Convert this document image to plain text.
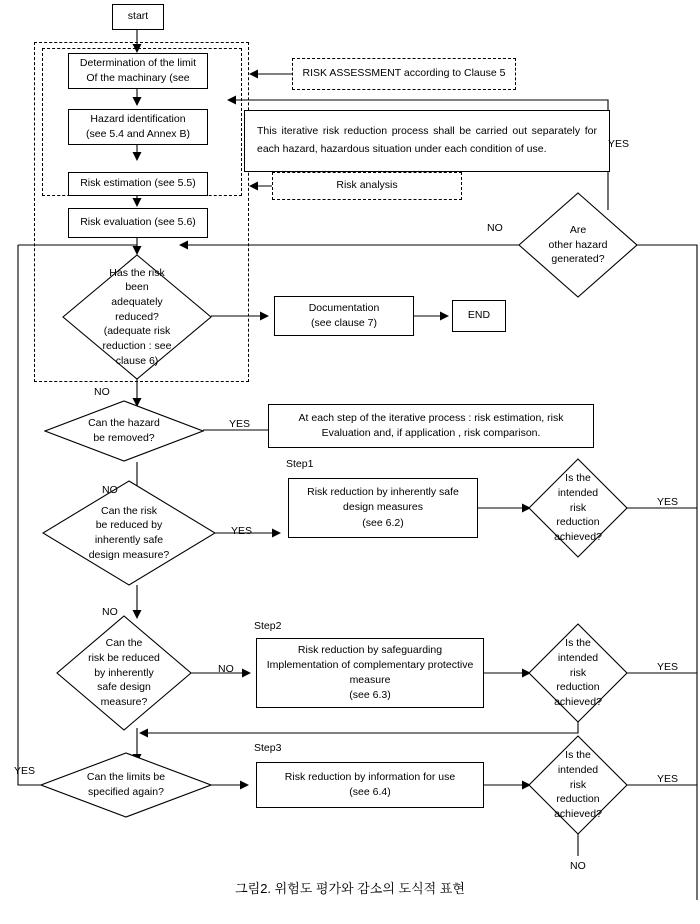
start
Determination of the limit
Of the machinary (see
Hazard identification
(see 5.4 and Annex B)
Risk estimation (see 5.5)
Risk evaluation (see 5.6)
RISK ASSESSMENT according to Clause 5
Risk analysis
This iterative risk reduction process shall be carried out separately for each hazard, hazardous situation under each condition of use.
At each step of the iterative process : risk estimation, risk
Evaluation and, if application , risk comparison.
Documentation
(see clause 7)
END
Risk reduction by inherently safe
design measures
(see 6.2)
Risk reduction by safeguarding
Implementation of complementary protective
measure
(see 6.3)
Risk reduction by information for use
(see 6.4)
Has the risk
been
adequately
reduced?
(adequate risk
reduction : see
clause 6)
Are
other hazard
generated?
Can the hazard
be removed?
Can the risk
be reduced by
inherently safe
design measure?
Can the
risk be reduced
by inherently
safe design
measure?
Can the limits be
specified again?
Is the
intended
risk
reduction
achieved?
Is the
intended
risk
reduction
achieved?
Is the
intended
risk
reduction
achieved?
Step1
Step2
Step3
YES
NO
NO
YES
NO
YES
NO
NO
YES
YES
YES
NO
YES
그림2. 위험도 평가와 감소의 도식적 표현
